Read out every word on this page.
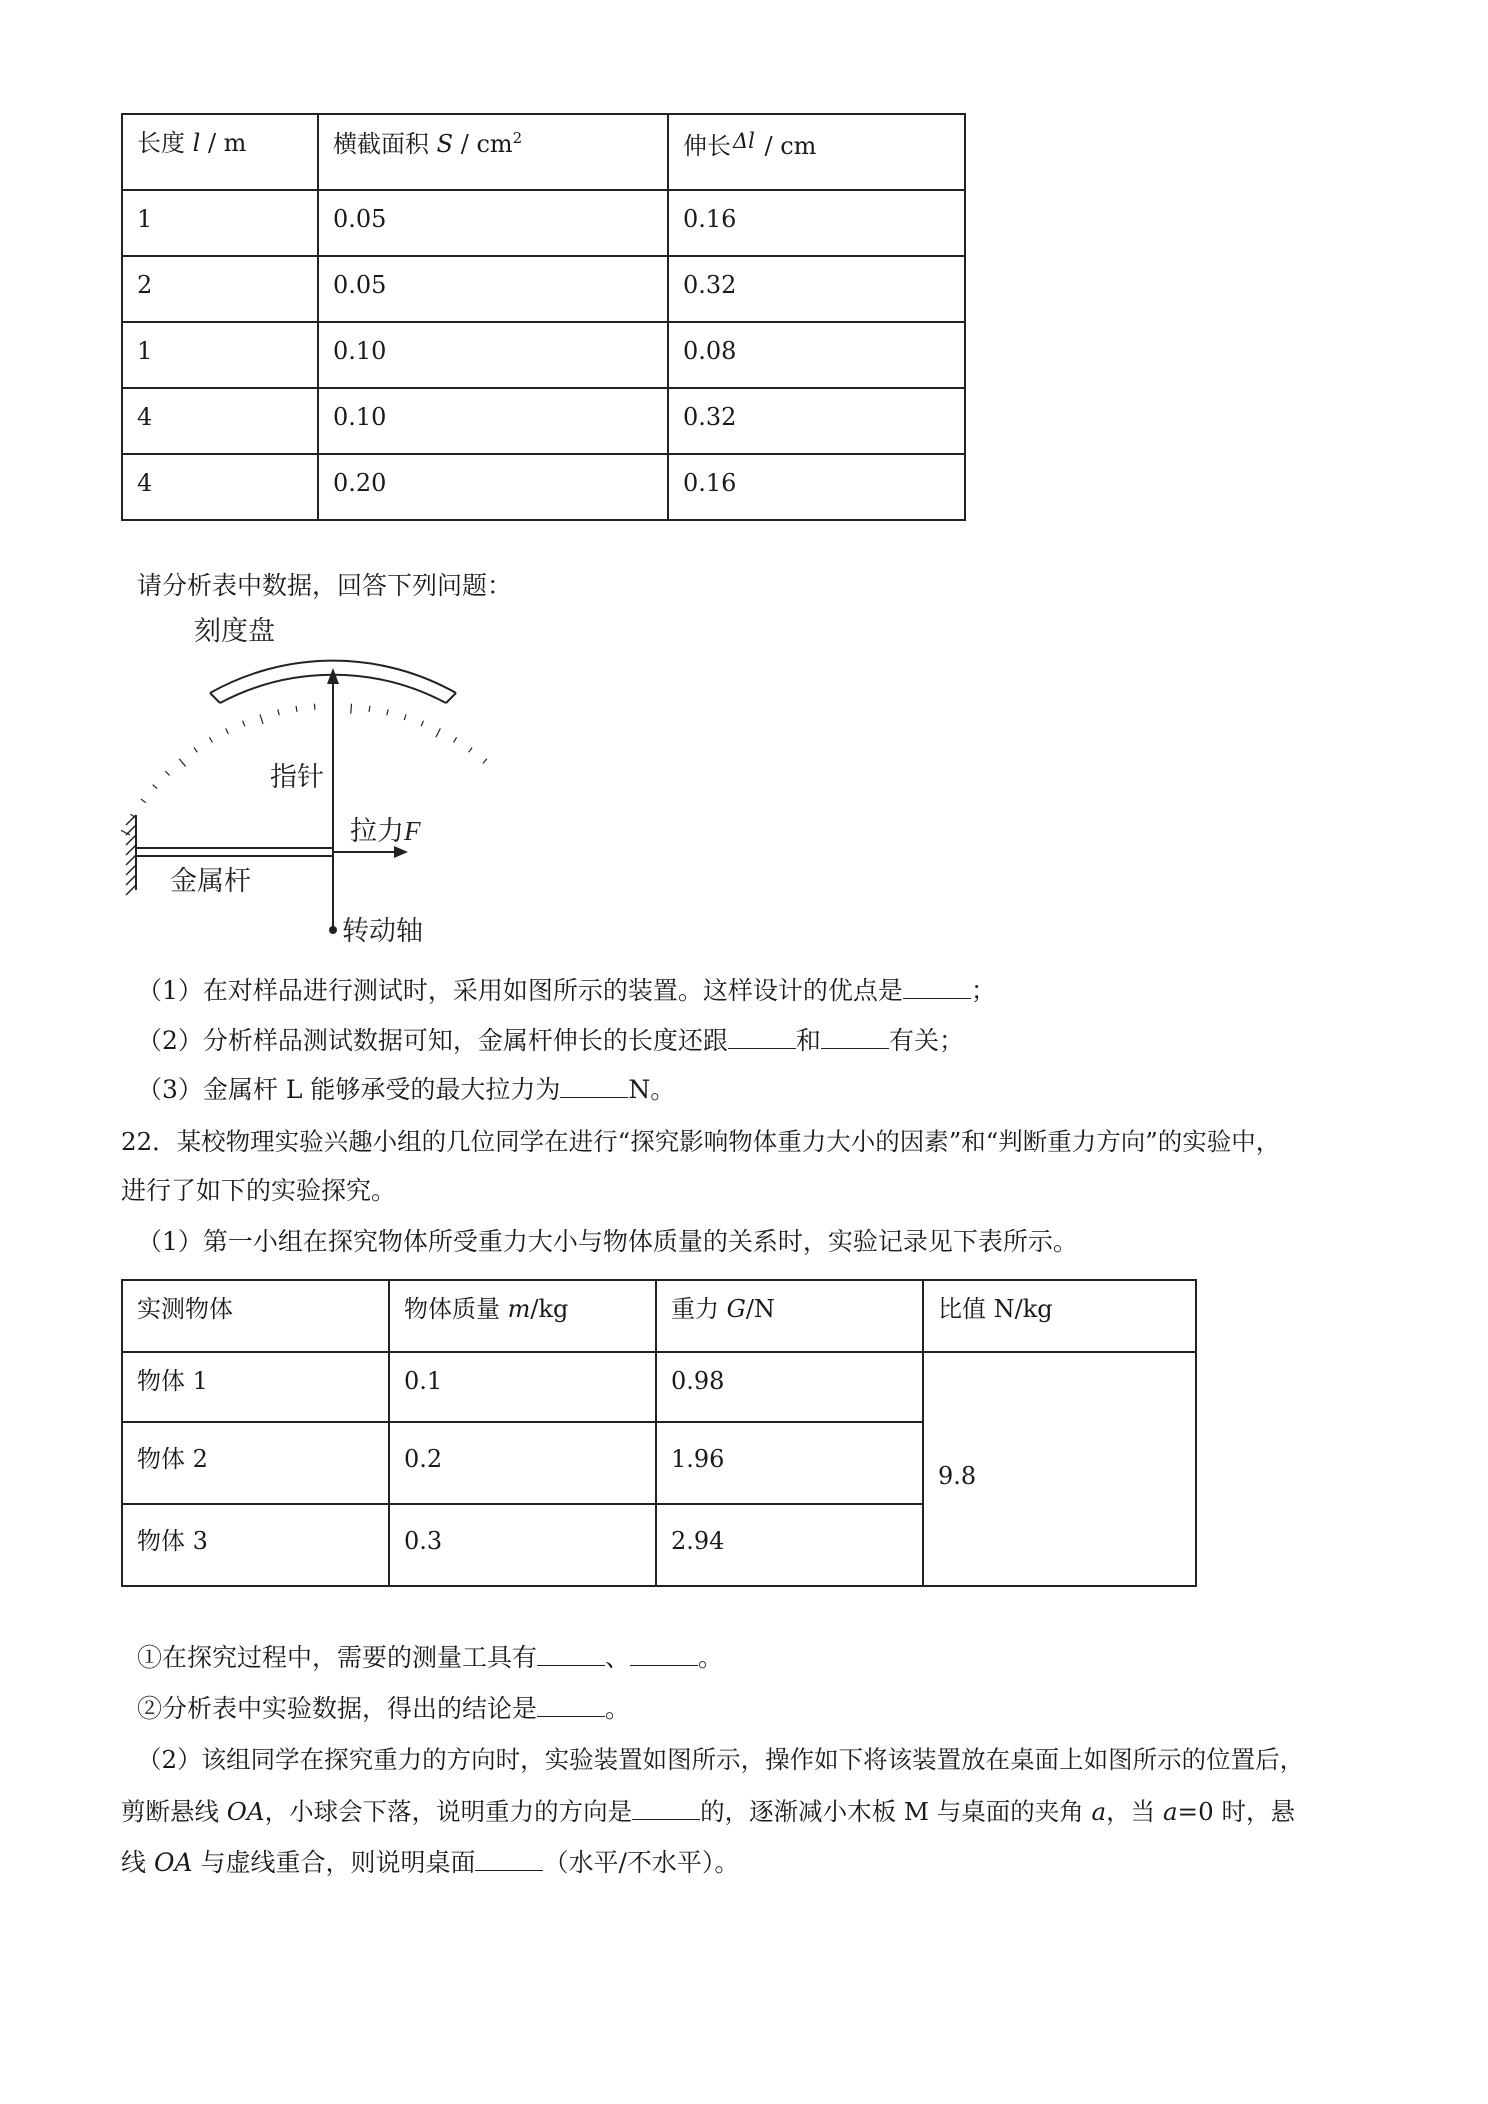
长度 l / m	横截面积 S / $cm^2$	伸长Δl / cm
1	0.05	0.16
2	0.05	0.32
1	0.10	0.08
4	0.10	0.32
4	0.20	0.16
请分析表中数据，回答下列问题：
刻度盘
指针
金属杆
拉力F
转动轴
（1）在对样品进行测试时，采用如图所示的装置。这样设计的优点是	；
（2）分析样品测试数据可知，金属杆伸长的长度还跟	和	有关；
（3）金属杆 L 能够承受的最大拉力为	N。
22．某校物理实验兴趣小组的几位同学在进行“探究影响物体重力大小的因素”和“判断重力方向”的实验中，
进行了如下的实验探究。
（1）第一小组在探究物体所受重力大小与物体质量的关系时，实验记录见下表所示。
实测物体	物体质量 m/kg	重力 G/N	比值 N/kg
物体 1	0.1	0.98	9.8
物体 2	0.2	1.96	
物体 3	0.3	2.94	
①在探究过程中，需要的测量工具有	、	。
②分析表中实验数据，得出的结论是	。
（2）该组同学在探究重力的方向时，实验装置如图所示，操作如下将该装置放在桌面上如图所示的位置后，
剪断悬线 OA，小球会下落，说明重力的方向是	的，逐渐减小木板 M 与桌面的夹角 a，当 a=0 时，悬
线 OA 与虚线重合，则说明桌面	（水平/不水平）。
